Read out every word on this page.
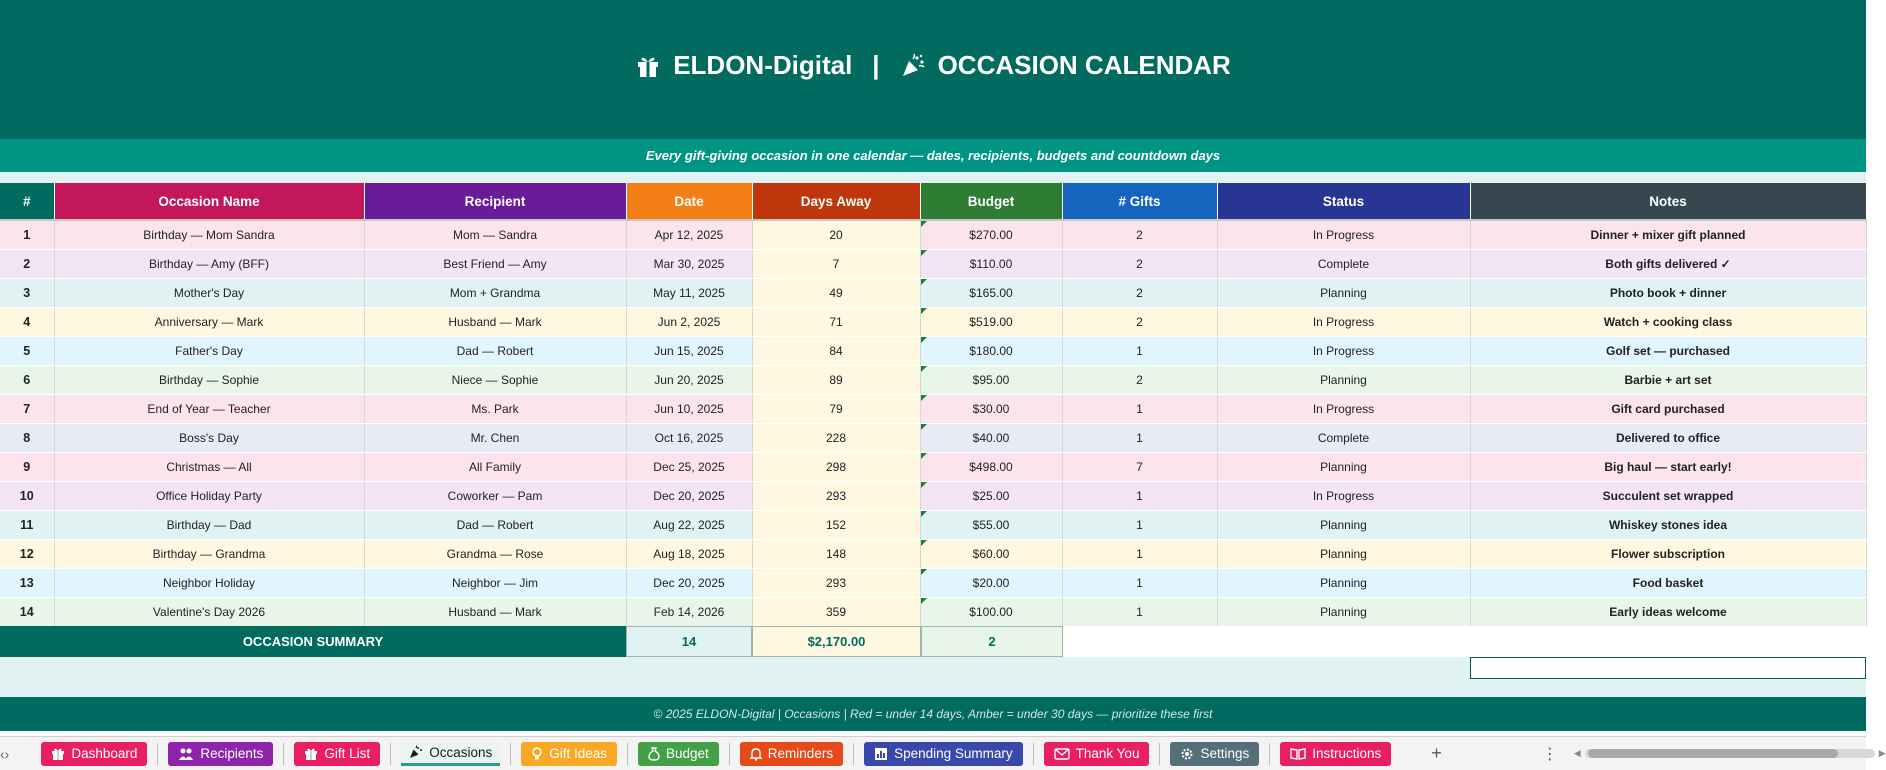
ELDON-Digital | OCCASION CALENDAR
Every gift-giving occasion in one calendar — dates, recipients, budgets and countdown days
#	Occasion Name	Recipient	Date	Days Away	Budget	# Gifts	Status	Notes
1	Birthday — Mom Sandra	Mom — Sandra	Apr 12, 2025	20	$270.00	2	In Progress	Dinner + mixer gift planned
2	Birthday — Amy (BFF)	Best Friend — Amy	Mar 30, 2025	7	$110.00	2	Complete	Both gifts delivered ✓
3	Mother's Day	Mom + Grandma	May 11, 2025	49	$165.00	2	Planning	Photo book + dinner
4	Anniversary — Mark	Husband — Mark	Jun 2, 2025	71	$519.00	2	In Progress	Watch + cooking class
5	Father's Day	Dad — Robert	Jun 15, 2025	84	$180.00	1	In Progress	Golf set — purchased
6	Birthday — Sophie	Niece — Sophie	Jun 20, 2025	89	$95.00	2	Planning	Barbie + art set
7	End of Year — Teacher	Ms. Park	Jun 10, 2025	79	$30.00	1	In Progress	Gift card purchased
8	Boss's Day	Mr. Chen	Oct 16, 2025	228	$40.00	1	Complete	Delivered to office
9	Christmas — All	All Family	Dec 25, 2025	298	$498.00	7	Planning	Big haul — start early!
10	Office Holiday Party	Coworker — Pam	Dec 20, 2025	293	$25.00	1	In Progress	Succulent set wrapped
11	Birthday — Dad	Dad — Robert	Aug 22, 2025	152	$55.00	1	Planning	Whiskey stones idea
12	Birthday — Grandma	Grandma — Rose	Aug 18, 2025	148	$60.00	1	Planning	Flower subscription
13	Neighbor Holiday	Neighbor — Jim	Dec 20, 2025	293	$20.00	1	Planning	Food basket
14	Valentine's Day 2026	Husband — Mark	Feb 14, 2026	359	$100.00	1	Planning	Early ideas welcome
OCCASION SUMMARY	14	$2,170.00	2
© 2025 ELDON-Digital | Occasions | Red = under 14 days, Amber = under 30 days — prioritize these first
‹ ›	Dashboard	Recipients	Gift List	Occasions	Gift Ideas	Budget	Reminders	Spending Summary	Thank You	Settings	Instructions	+	⋮ ◀	▶
